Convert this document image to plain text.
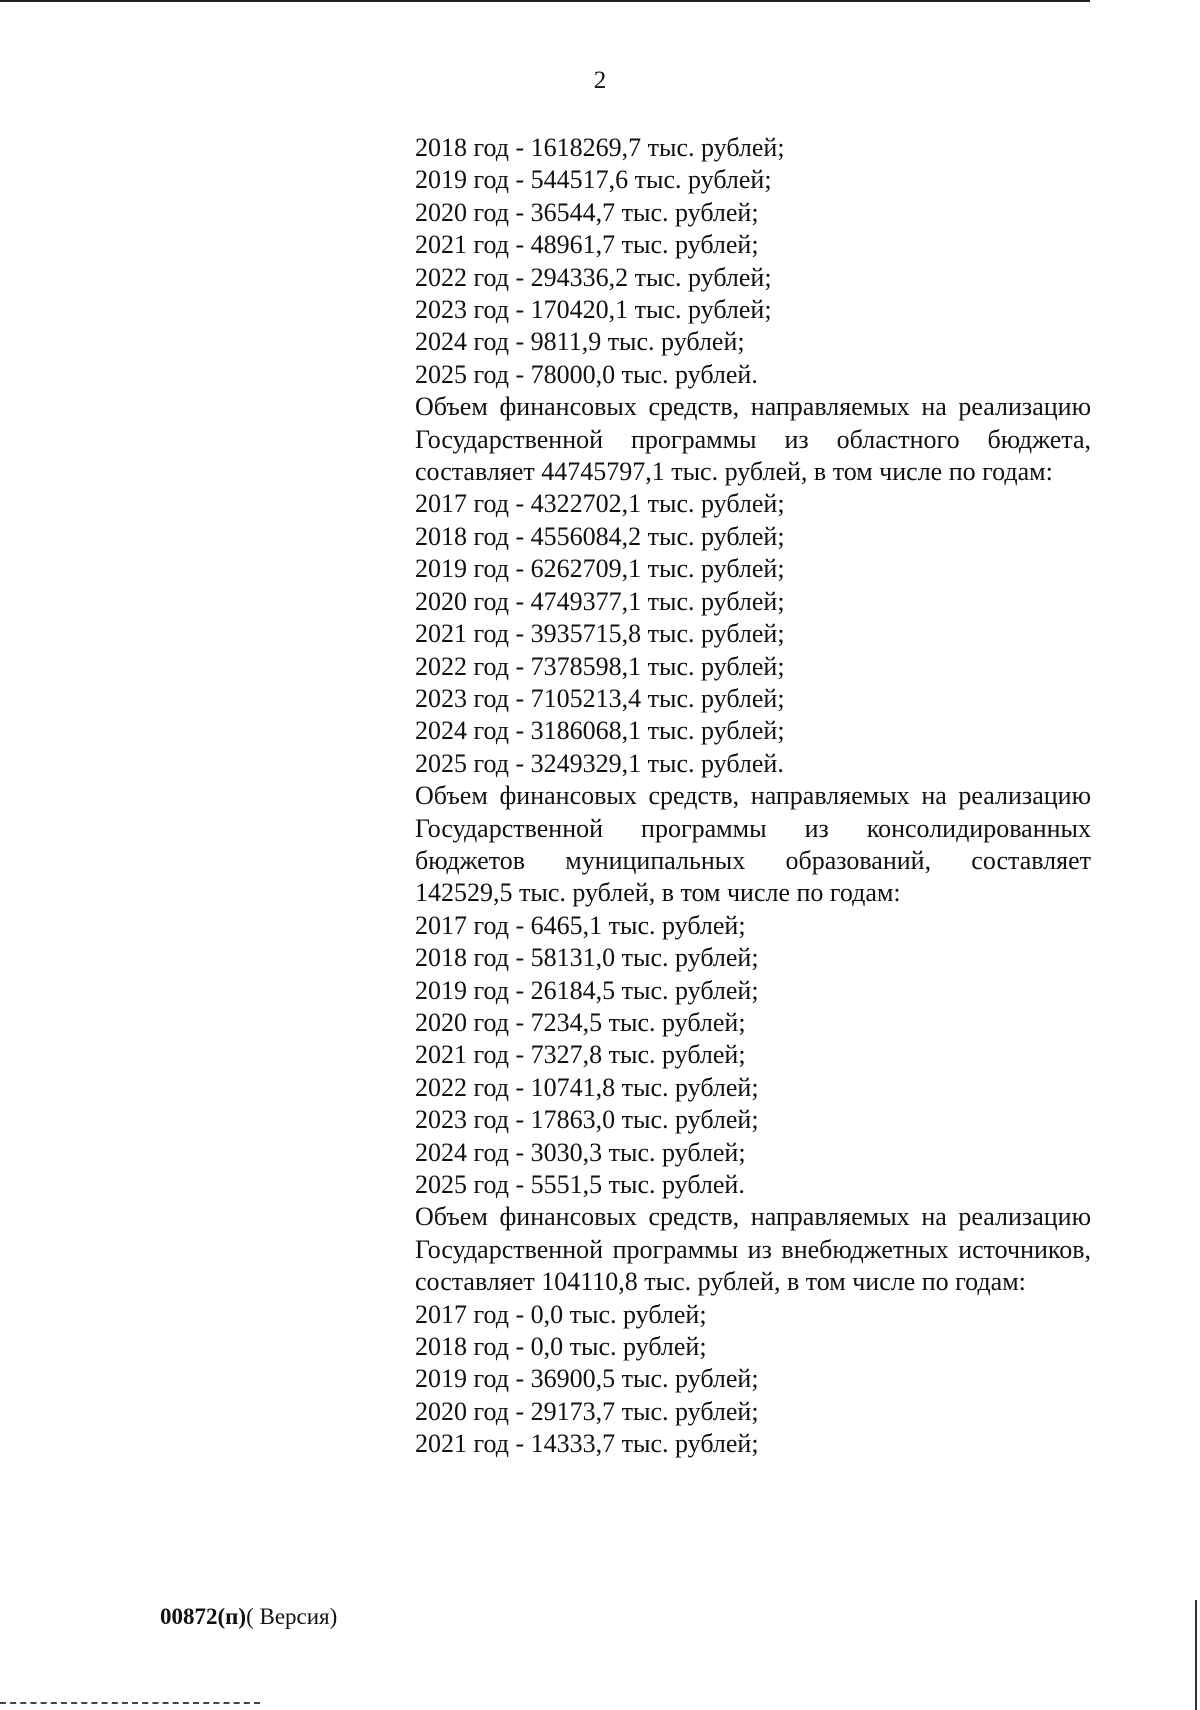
2

2018 год - 1618269,7 тыс. рублей;

2019 год - 544517,6 тыс. рублей;

2020 год - 36544,7 тыс. рублей;

2021 год - 48961,7 тыс. рублей;

2022 год - 294336,2 тыс. рублей;

2023 год - 170420,1 тыс. рублей;

2024 год - 9811,9 тыс. рублей;

2025 год - 78000,0 тыс. рублей.

Объем финансовых средств, направляемых на реализацию Государственной программы из областного бюджета, составляет 44745797,1 тыс. рублей, в том числе по годам:

2017 год - 4322702,1 тыс. рублей;

2018 год - 4556084,2 тыс. рублей;

2019 год - 6262709,1 тыс. рублей;

2020 год - 4749377,1 тыс. рублей;

2021 год - 3935715,8 тыс. рублей;

2022 год - 7378598,1 тыс. рублей;

2023 год - 7105213,4 тыс. рублей;

2024 год - 3186068,1 тыс. рублей;

2025 год - 3249329,1 тыс. рублей.

Объем финансовых средств, направляемых на реализацию Государственной программы из консолидированных бюджетов муниципальных образований, составляет 142529,5 тыс. рублей, в том числе по годам:

2017 год - 6465,1 тыс. рублей;

2018 год - 58131,0 тыс. рублей;

2019 год - 26184,5 тыс. рублей;

2020 год - 7234,5 тыс. рублей;

2021 год - 7327,8 тыс. рублей;

2022 год - 10741,8 тыс. рублей;

2023 год - 17863,0 тыс. рублей;

2024 год - 3030,3 тыс. рублей;

2025 год - 5551,5 тыс. рублей.

Объем финансовых средств, направляемых на реализацию Государственной программы из внебюджетных источников, составляет 104110,8 тыс. рублей, в том числе по годам:

2017 год - 0,0 тыс. рублей;

2018 год - 0,0 тыс. рублей;

2019 год - 36900,5 тыс. рублей;

2020 год - 29173,7 тыс. рублей;

2021 год - 14333,7 тыс. рублей;

00872(п)( Версия)
